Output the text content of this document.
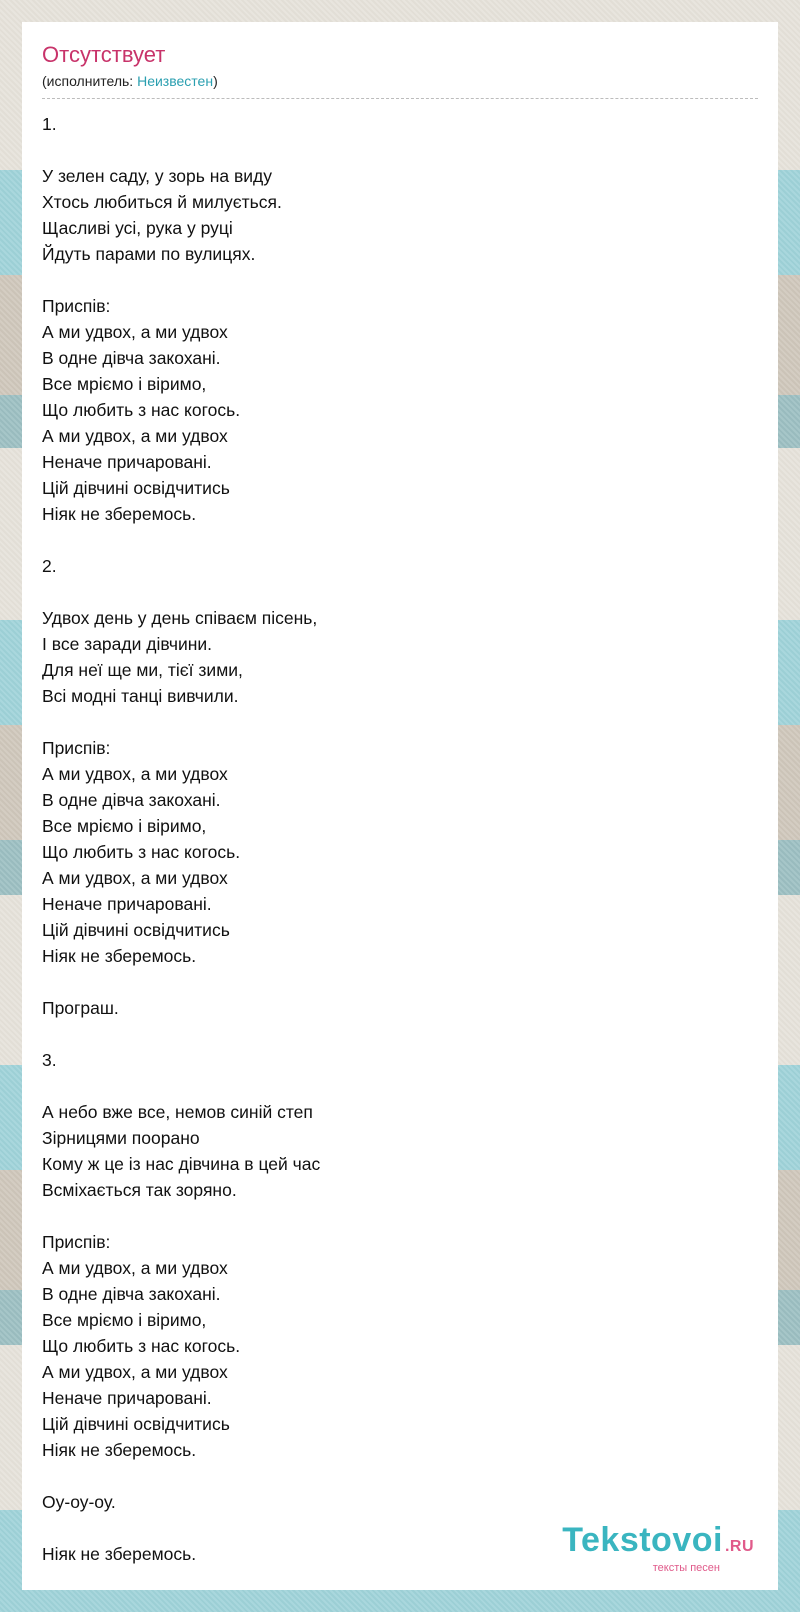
Отсутствует
(исполнитель: Неизвестен)
1.

У зелен саду, у зорь на виду
Хтось любиться й милується.
Щасливі усі, рука у руці
Йдуть парами по вулицях.

Приспів:
А ми удвох, а ми удвох
В одне дівча закохані.
Все мріємо і віримо,
Що любить з нас когось.
А ми удвох, а ми удвох
Неначе причаровані.
Цій дівчині освідчитись
Ніяк не зберемось.

2.

Удвох день у день співаєм пісень,
І все заради дівчини.
Для неї ще ми, тієї зими,
Всі модні танці вивчили.

Приспів:
А ми удвох, а ми удвох
В одне дівча закохані.
Все мріємо і віримо,
Що любить з нас когось.
А ми удвох, а ми удвох
Неначе причаровані.
Цій дівчині освідчитись
Ніяк не зберемось.

Програш.

3.

А небо вже все, немов синій степ
Зірницями поорано
Кому ж це із нас дівчина в цей час
Всміхається так зоряно.

Приспів:
А ми удвох, а ми удвох
В одне дівча закохані.
Все мріємо і віримо,
Що любить з нас когось.
А ми удвох, а ми удвох
Неначе причаровані.
Цій дівчині освідчитись
Ніяк не зберемось.

Оу-оу-оу.

Ніяк не зберемось.	Tekstovoi .RU
тексты песен
